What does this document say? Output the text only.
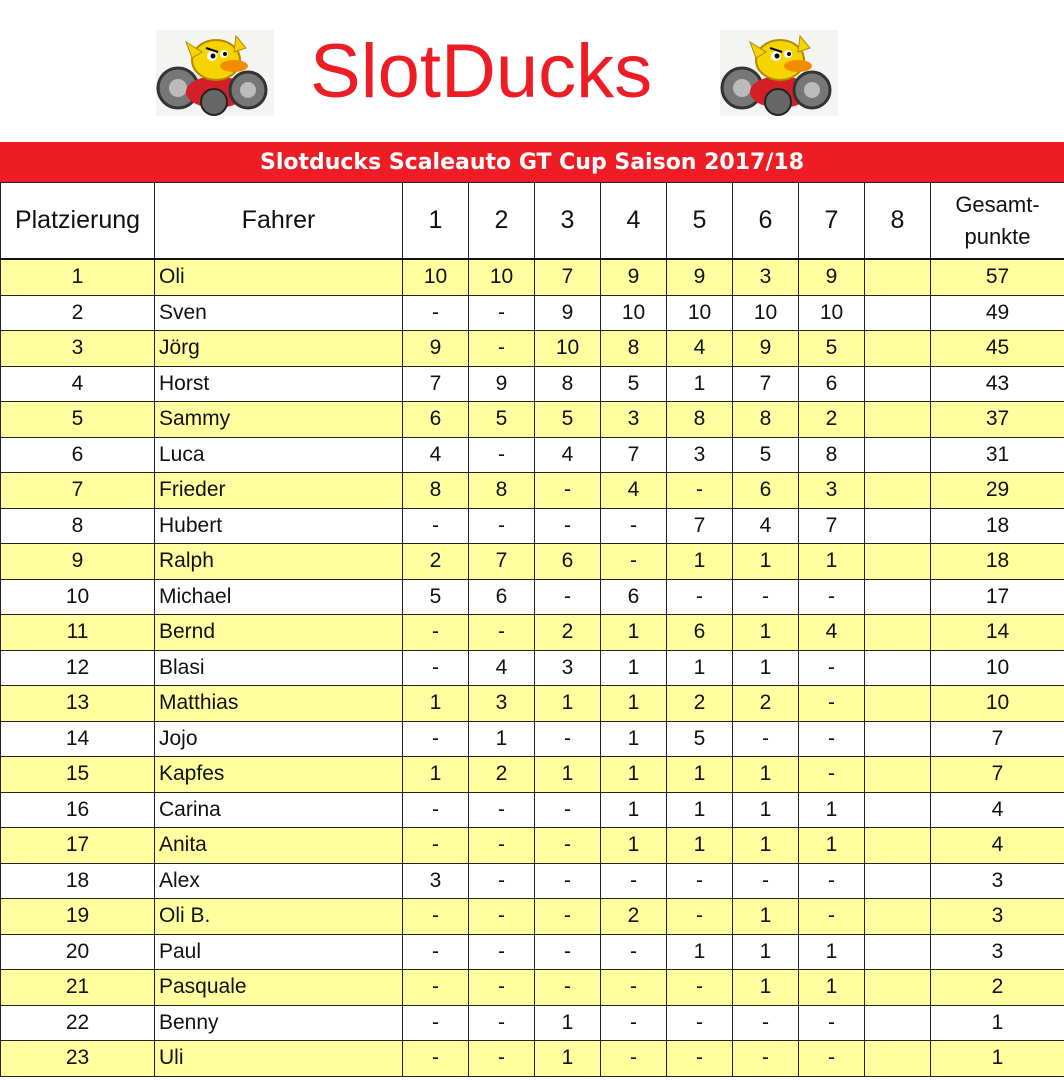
SlotDucks
Slotducks Scaleauto GT Cup Saison 2017/18
Platzierung	Fahrer	1	2	3	4	5	6	7	8	Gesamt-
punkte
1	Oli	10	10	7	9	9	3	9		57
2	Sven	-	-	9	10	10	10	10		49
3	Jörg	9	-	10	8	4	9	5		45
4	Horst	7	9	8	5	1	7	6		43
5	Sammy	6	5	5	3	8	8	2		37
6	Luca	4	-	4	7	3	5	8		31
7	Frieder	8	8	-	4	-	6	3		29
8	Hubert	-	-	-	-	7	4	7		18
9	Ralph	2	7	6	-	1	1	1		18
10	Michael	5	6	-	6	-	-	-		17
11	Bernd	-	-	2	1	6	1	4		14
12	Blasi	-	4	3	1	1	1	-		10
13	Matthias	1	3	1	1	2	2	-		10
14	Jojo	-	1	-	1	5	-	-		7
15	Kapfes	1	2	1	1	1	1	-		7
16	Carina	-	-	-	1	1	1	1		4
17	Anita	-	-	-	1	1	1	1		4
18	Alex	3	-	-	-	-	-	-		3
19	Oli B.	-	-	-	2	-	1	-		3
20	Paul	-	-	-	-	1	1	1		3
21	Pasquale	-	-	-	-	-	1	1		2
22	Benny	-	-	1	-	-	-	-		1
23	Uli	-	-	1	-	-	-	-		1
